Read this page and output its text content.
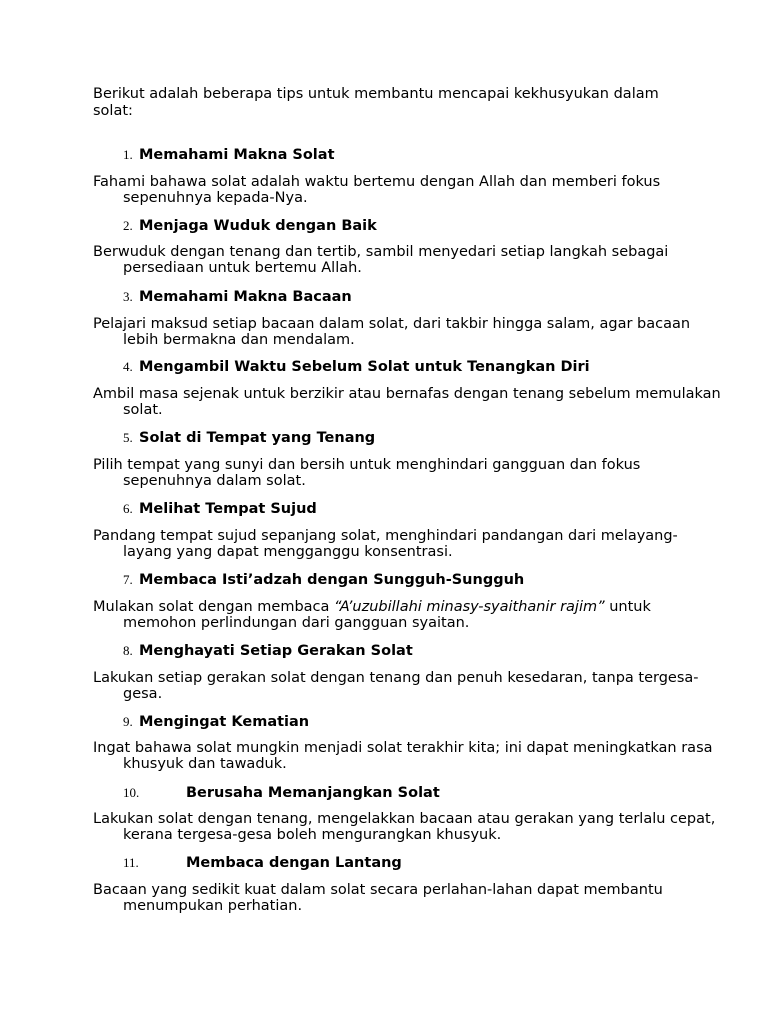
Berikut adalah beberapa tips untuk membantu mencapai kekhusyukan dalam solat:

1. Memahami Makna Solat

Fahami bahawa solat adalah waktu bertemu dengan Allah dan memberi fokus sepenuhnya kepada-Nya.

2. Menjaga Wuduk dengan Baik

Berwuduk dengan tenang dan tertib, sambil menyedari setiap langkah sebagai persediaan untuk bertemu Allah.

3. Memahami Makna Bacaan

Pelajari maksud setiap bacaan dalam solat, dari takbir hingga salam, agar bacaan lebih bermakna dan mendalam.

4. Mengambil Waktu Sebelum Solat untuk Tenangkan Diri

Ambil masa sejenak untuk berzikir atau bernafas dengan tenang sebelum memulakan solat.

5. Solat di Tempat yang Tenang

Pilih tempat yang sunyi dan bersih untuk menghindari gangguan dan fokus sepenuhnya dalam solat.

6. Melihat Tempat Sujud

Pandang tempat sujud sepanjang solat, menghindari pandangan dari melayang-layang yang dapat mengganggu konsentrasi.

7. Membaca Isti’adzah dengan Sungguh-Sungguh

Mulakan solat dengan membaca “A’uzubillahi minasy-syaithanir rajim” untuk memohon perlindungan dari gangguan syaitan.

8. Menghayati Setiap Gerakan Solat

Lakukan setiap gerakan solat dengan tenang dan penuh kesedaran, tanpa tergesa-gesa.

9. Mengingat Kematian

Ingat bahawa solat mungkin menjadi solat terakhir kita; ini dapat meningkatkan rasa khusyuk dan tawaduk.

10.	Berusaha Memanjangkan Solat

Lakukan solat dengan tenang, mengelakkan bacaan atau gerakan yang terlalu cepat, kerana tergesa-gesa boleh mengurangkan khusyuk.

11.	Membaca dengan Lantang

Bacaan yang sedikit kuat dalam solat secara perlahan-lahan dapat membantu menumpukan perhatian.
